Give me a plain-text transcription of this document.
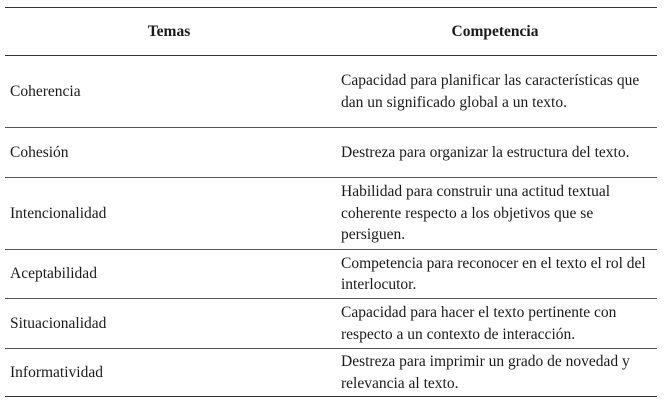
Temas	Competencia
Coherencia	Capacidad para planificar las características que dan un significado global a un texto.
Cohesión	Destreza para organizar la estructura del texto.
Intencionalidad	Habilidad para construir una actitud textual coherente respecto a los objetivos que se persiguen.
Aceptabilidad	Competencia para reconocer en el texto el rol del interlocutor.
Situacionalidad	Capacidad para hacer el texto pertinente con respecto a un contexto de interacción.
Informatividad	Destreza para imprimir un grado de novedad y relevancia al texto.
